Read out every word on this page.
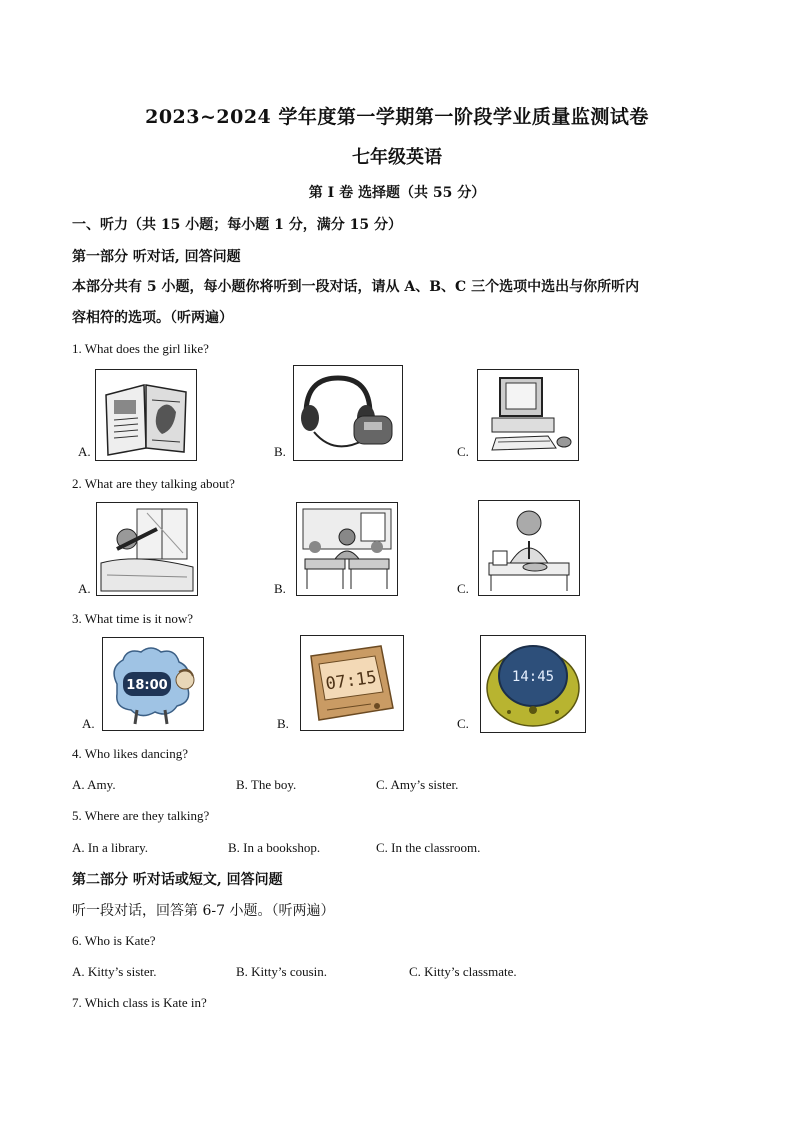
2023~2024 学年度第一学期第一阶段学业质量监测试卷
七年级英语
第 I 卷 选择题（共 55 分）
一、听力（共 15 小题；每小题 1 分，满分 15 分）
第一部分 听对话, 回答问题
本部分共有 5 小题，每小题你将听到一段对话，请从 A、B、C 三个选项中选出与你所听内
容相符的选项。（听两遍）
1. What does the girl like?
A.	B.	C.
2. What are they talking about?
A.	B.	C.
3. What time is it now?
A.
18:00
B.
07:15
C.
14:45
4. Who likes dancing?
A. Amy.	B. The boy.	C. Amy’s sister.
5. Where are they talking?
A. In a library.	B. In a bookshop.	C. In the classroom.
第二部分 听对话或短文, 回答问题
听一段对话，回答第 6-7 小题。（听两遍）
6. Who is Kate?
A. Kitty’s sister.	B. Kitty’s cousin.	C. Kitty’s classmate.
7. Which class is Kate in?
